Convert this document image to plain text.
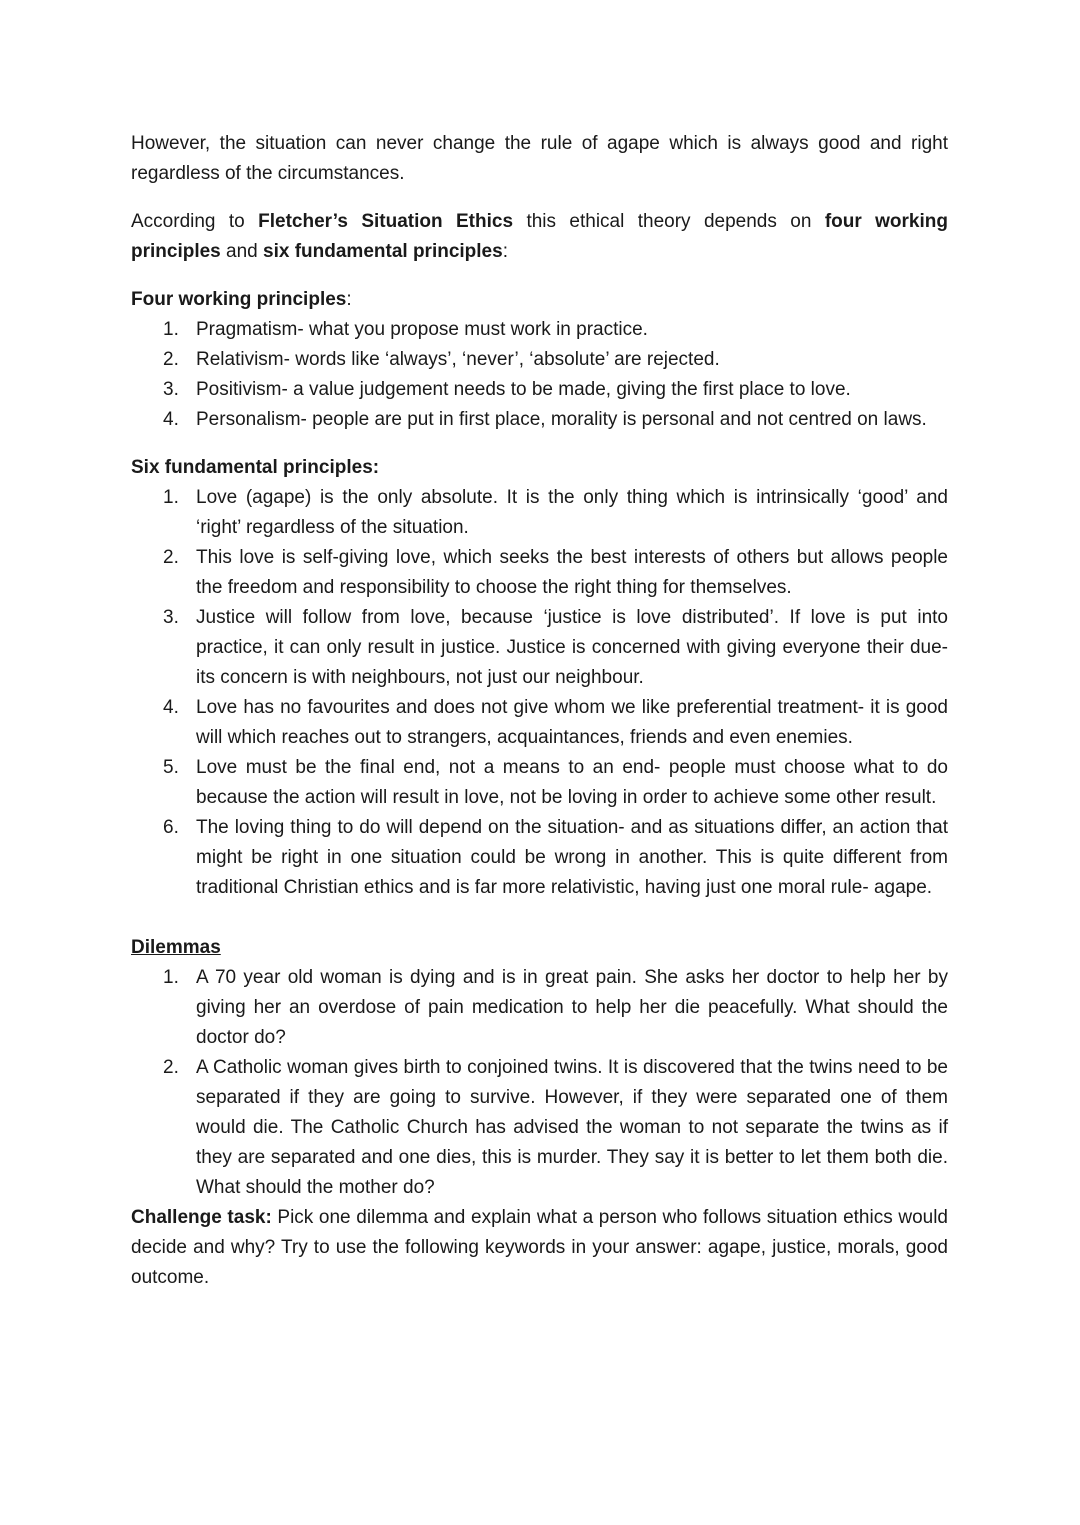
However, the situation can never change the rule of agape which is always good and right regardless of the circumstances.

According to Fletcher’s Situation Ethics this ethical theory depends on four working principles and six fundamental principles:

Four working principles:

1. Pragmatism- what you propose must work in practice.
2. Relativism- words like ‘always’, ‘never’, ‘absolute’ are rejected.
3. Positivism- a value judgement needs to be made, giving the first place to love.
4. Personalism- people are put in first place, morality is personal and not centred on laws.

Six fundamental principles:

1. Love (agape) is the only absolute. It is the only thing which is intrinsically ‘good’ and ‘right’ regardless of the situation.
2. This love is self-giving love, which seeks the best interests of others but allows people the freedom and responsibility to choose the right thing for themselves.
3. Justice will follow from love, because ‘justice is love distributed’. If love is put into practice, it can only result in justice. Justice is concerned with giving everyone their due- its concern is with neighbours, not just our neighbour.
4. Love has no favourites and does not give whom we like preferential treatment- it is good will which reaches out to strangers, acquaintances, friends and even enemies.
5. Love must be the final end, not a means to an end- people must choose what to do because the action will result in love, not be loving in order to achieve some other result.
6. The loving thing to do will depend on the situation- and as situations differ, an action that might be right in one situation could be wrong in another. This is quite different from traditional Christian ethics and is far more relativistic, having just one moral rule- agape.

Dilemmas

1. A 70 year old woman is dying and is in great pain. She asks her doctor to help her by giving her an overdose of pain medication to help her die peacefully. What should the doctor do?
2. A Catholic woman gives birth to conjoined twins. It is discovered that the twins need to be separated if they are going to survive. However, if they were separated one of them would die. The Catholic Church has advised the woman to not separate the twins as if they are separated and one dies, this is murder. They say it is better to let them both die. What should the mother do?

Challenge task: Pick one dilemma and explain what a person who follows situation ethics would decide and why? Try to use the following keywords in your answer: agape, justice, morals, good outcome.
